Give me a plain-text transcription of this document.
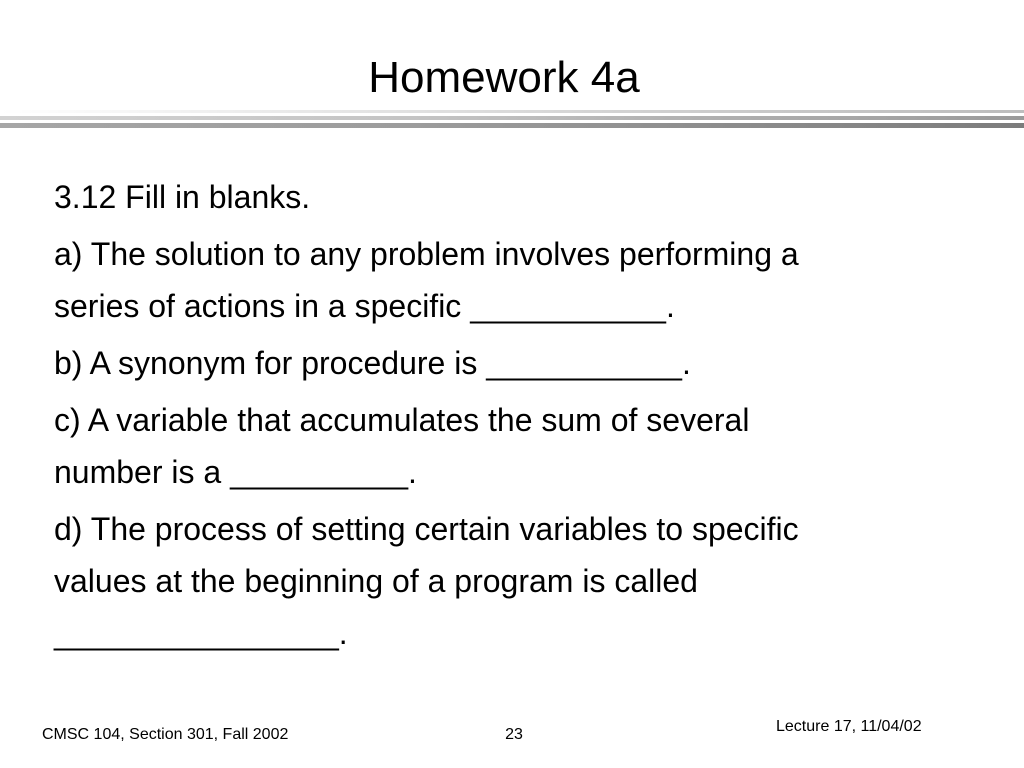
Homework 4a
3.12 Fill in blanks.
a) The solution to any problem involves performing a
series of actions in a specific ___________.
b) A synonym for procedure is ___________.
c) A variable that accumulates the sum of several
number is a __________.
d) The process of setting certain variables to specific
values at the beginning of a program is called
________________.
CMSC 104, Section 301, Fall 2002	23	Lecture 17, 11/04/02
